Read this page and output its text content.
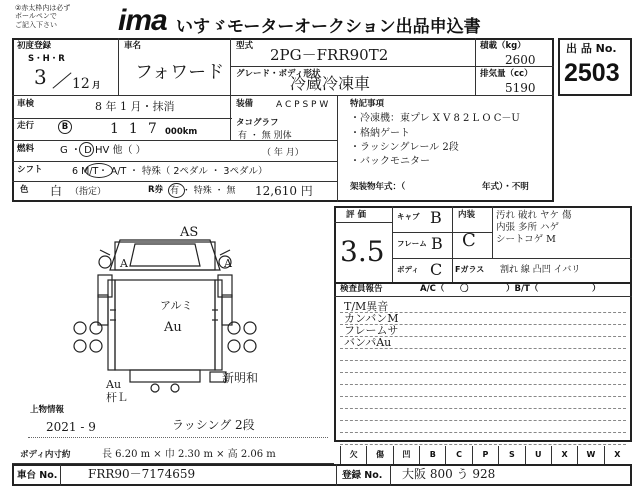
②赤太枠内は必ず
ボールペンで
ご記入下さい	ima いすゞモーターオークション出品申込書
出 品 No.
2503
初度登録
S・H・R
3 12 月
車名
フォワード
型式 2PG－FRR90T2
グレード・ボディ形状
冷蔵冷凍車
積載（kg）
2600
排気量（cc）
5190
車検	8 年 1 月・抹消	装備	A C P S P W
走行	B	117
000km
タコグラフ
有 ・ 無 別体
（ 年 月）
燃料	G ・ D HV 他（ ）
シフト	6 M/T・ A/T ・ 特殊（ 2ペダル ・ 3ペダル）
色 白 （指定）	R券 有 ・ 特殊 ・ 無 12,610 円
特記事項
・冷凍機：東プレ X V 8 2 L O C－U
・格納ゲート
・ラッシングレール 2段
・バックモニター
架装物年式：（	年式）・不明
評 価
3.5
キャブ B
フレーム B
ボディ C
内装
C
汚れ 破れ ヤケ 傷
内張 多所 ハゲ
シートコゲ M
Fガラス 割れ 線 凸凹 イバリ
検査員報告	A/C（ 〇	）B/T（	）
T/M異音
カンバンM
フレームサ
バンパAu
AS
A	A
アルミ
Au
Au
杆Ｌ
新明和
上物情報
2021 - 9	ラッシング 2段
ボディ内寸約	長 6.20 m × 巾 2.30 m × 高 2.06 m	欠	傷	凹	B	C	P	S	U	X	W	X
車台 No.	FRR90－7174659	登録 No. 大阪 800 う 928
